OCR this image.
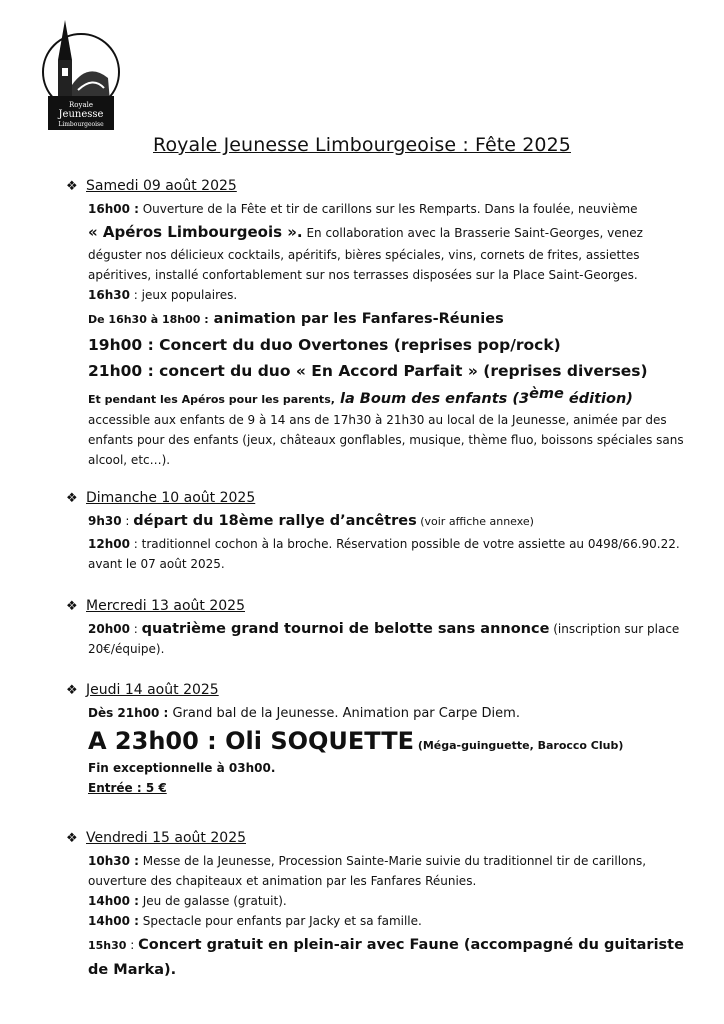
Royale
Jeunesse
Limbourgeoise
Royale Jeunesse Limbourgeoise : Fête 2025
❖ Samedi 09 août 2025

16h00 : Ouverture de la Fête et tir de carillons sur les Remparts. Dans la foulée, neuvième
« Apéros Limbourgeois ». En collaboration avec la Brasserie Saint-Georges, venez déguster nos délicieux cocktails, apéritifs, bières spéciales, vins, cornets de frites, assiettes apéritives, installé confortablement sur nos terrasses disposées sur la Place Saint-Georges.

16h30 : jeux populaires.

De 16h30 à 18h00 : animation par les Fanfares-Réunies

19h00 : Concert du duo Overtones (reprises pop/rock)

21h00 : concert du duo « En Accord Parfait » (reprises diverses)

Et pendant les Apéros pour les parents, la Boum des enfants (3ème édition)

accessible aux enfants de 9 à 14 ans de 17h30 à 21h30 au local de la Jeunesse, animée par des enfants pour des enfants (jeux, châteaux gonflables, musique, thème fluo, boissons spéciales sans alcool, etc…).

❖ Dimanche 10 août 2025

9h30 : départ du 18ème rallye d’ancêtres (voir affiche annexe)

12h00 : traditionnel cochon à la broche. Réservation possible de votre assiette au 0498/66.90.22. avant le 07 août 2025.

❖ Mercredi 13 août 2025

20h00 : quatrième grand tournoi de belotte sans annonce (inscription sur place 20€/équipe).

❖ Jeudi 14 août 2025

Dès 21h00 : Grand bal de la Jeunesse. Animation par Carpe Diem.

A 23h00 : Oli SOQUETTE (Méga-guinguette, Barocco Club)

Fin exceptionnelle à 03h00.

Entrée : 5 €

❖ Vendredi 15 août 2025

10h30 : Messe de la Jeunesse, Procession Sainte-Marie suivie du traditionnel tir de carillons, ouverture des chapiteaux et animation par les Fanfares Réunies.

14h00 : Jeu de galasse (gratuit).

14h00 : Spectacle pour enfants par Jacky et sa famille.

15h30 : Concert gratuit en plein-air avec Faune (accompagné du guitariste de Marka).
